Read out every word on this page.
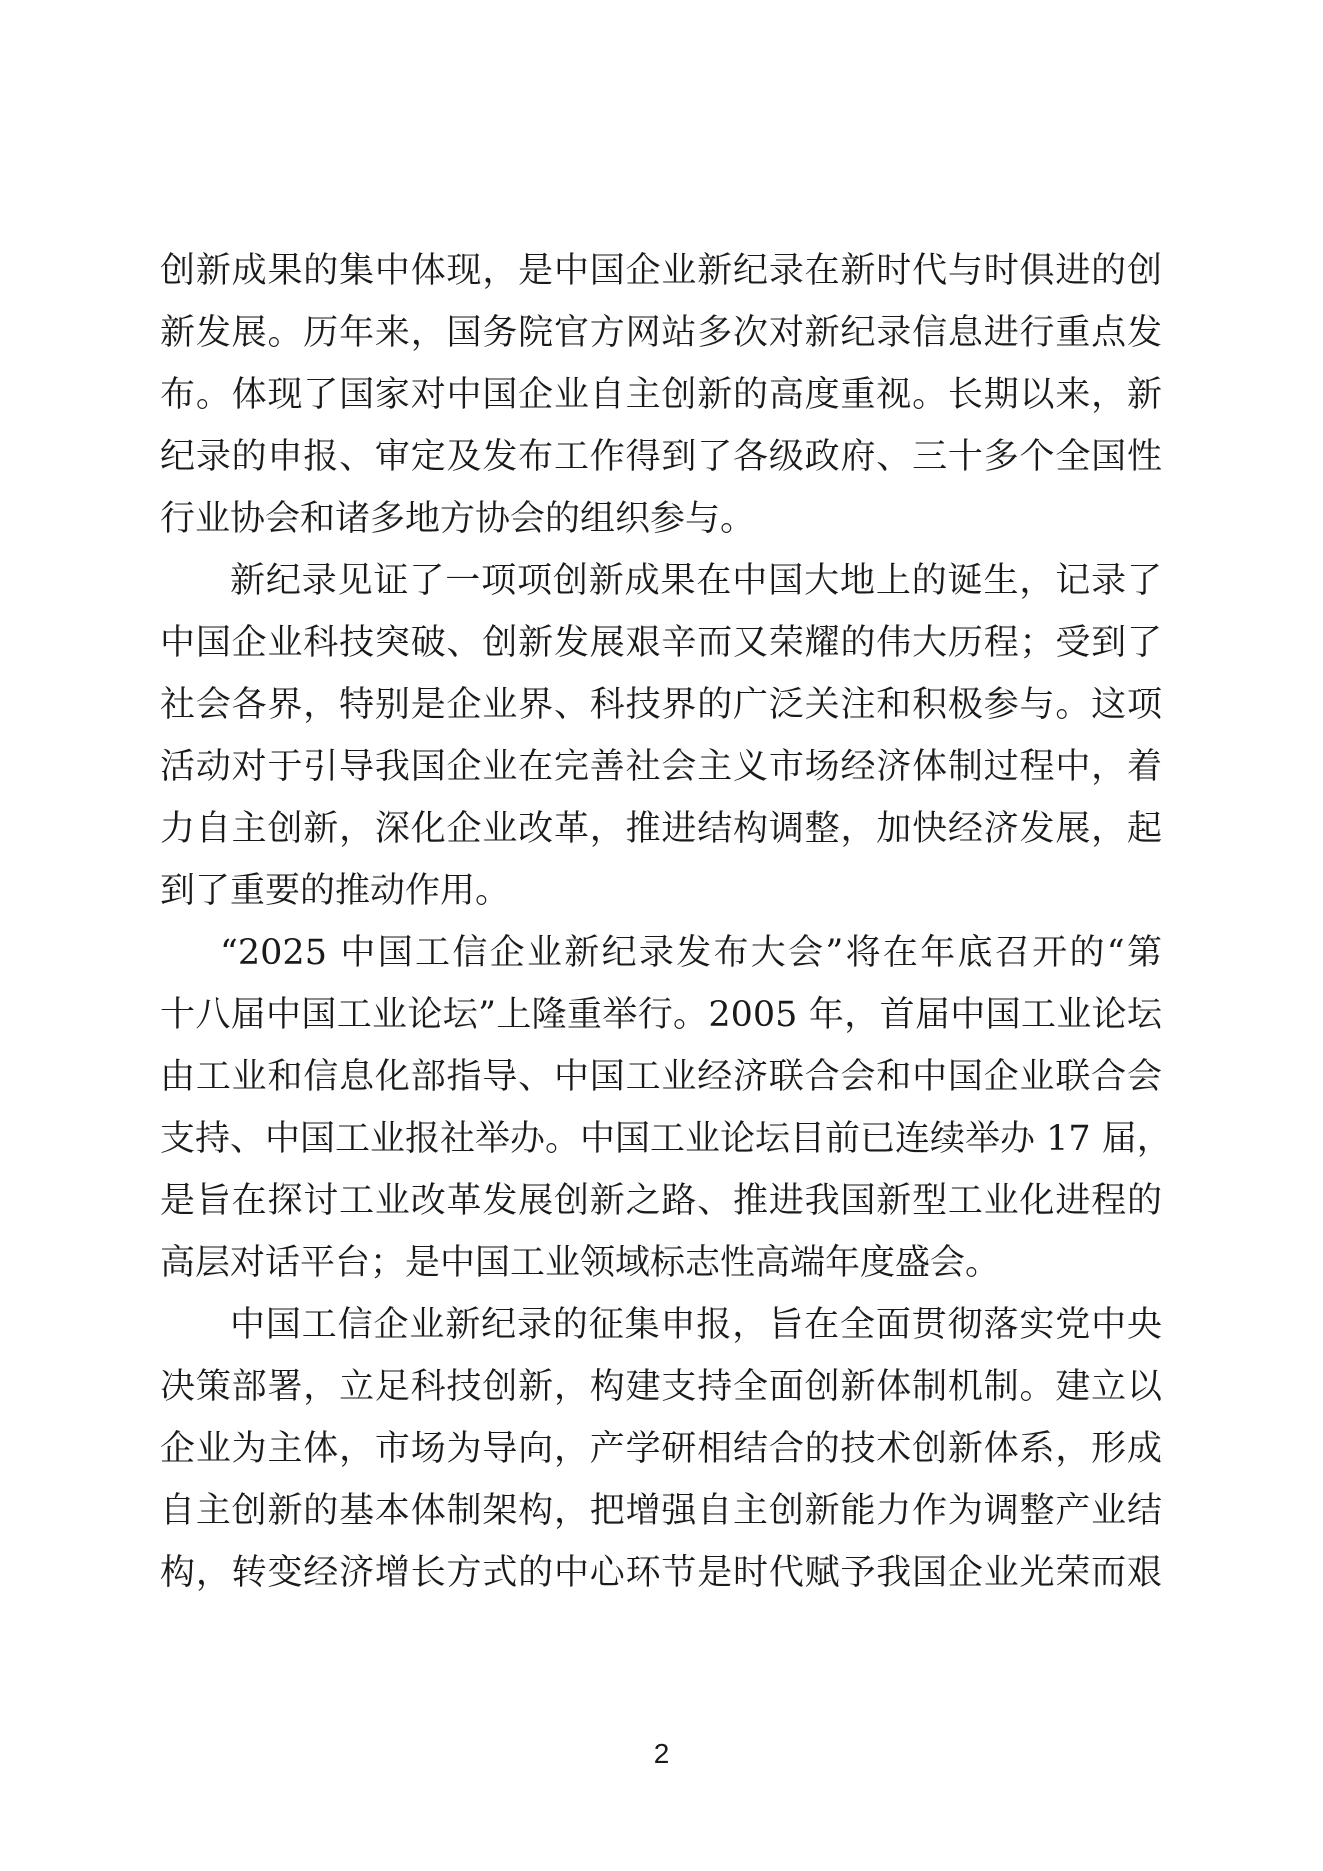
创新成果的集中体现，是中国企业新纪录在新时代与时俱进的创
新发展。历年来，国务院官方网站多次对新纪录信息进行重点发
布。体现了国家对中国企业自主创新的高度重视。长期以来，新
纪录的申报、审定及发布工作得到了各级政府、三十多个全国性
行业协会和诸多地方协会的组织参与。
新纪录见证了一项项创新成果在中国大地上的诞生，记录了
中国企业科技突破、创新发展艰辛而又荣耀的伟大历程；受到了
社会各界，特别是企业界、科技界的广泛关注和积极参与。这项
活动对于引导我国企业在完善社会主义市场经济体制过程中，着
力自主创新，深化企业改革，推进结构调整，加快经济发展，起
到了重要的推动作用。
“2025 中国工信企业新纪录发布大会”将在年底召开的“第
十八届中国工业论坛”上隆重举行。2005 年，首届中国工业论坛
由工业和信息化部指导、中国工业经济联合会和中国企业联合会
支持、中国工业报社举办。中国工业论坛目前已连续举办 17 届，
是旨在探讨工业改革发展创新之路、推进我国新型工业化进程的
高层对话平台；是中国工业领域标志性高端年度盛会。
中国工信企业新纪录的征集申报，旨在全面贯彻落实党中央
决策部署，立足科技创新，构建支持全面创新体制机制。建立以
企业为主体，市场为导向，产学研相结合的技术创新体系，形成
自主创新的基本体制架构，把增强自主创新能力作为调整产业结
构，转变经济增长方式的中心环节是时代赋予我国企业光荣而艰
2
